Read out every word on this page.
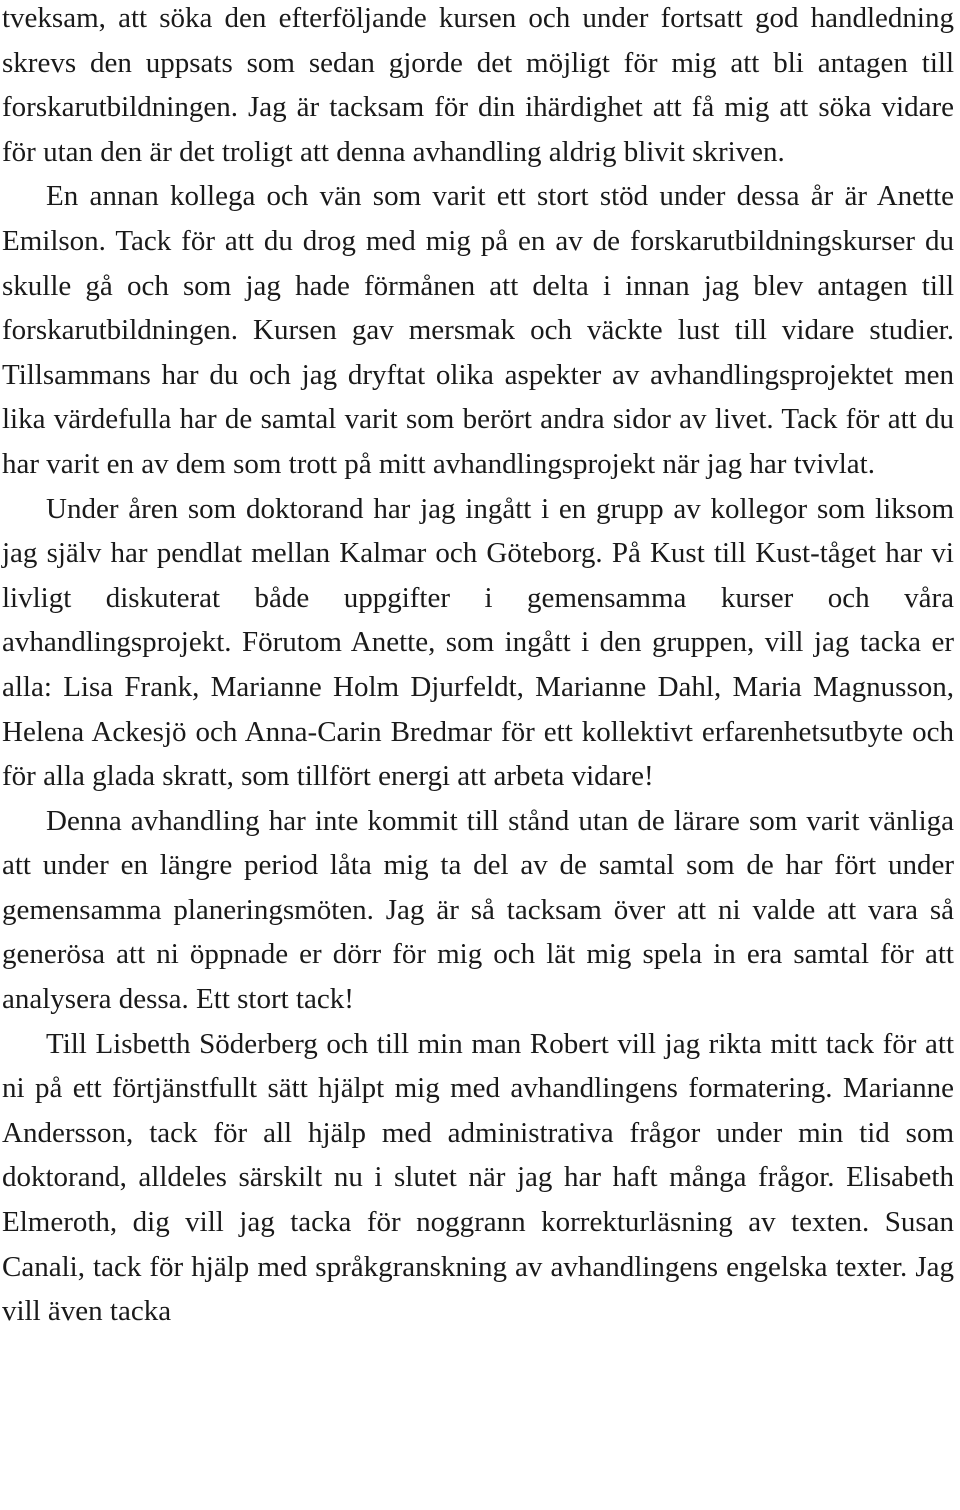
tveksam, att söka den efterföljande kursen och under fortsatt god handledning skrevs den uppsats som sedan gjorde det möjligt för mig att bli antagen till forskarutbildningen. Jag är tacksam för din ihärdighet att få mig att söka vidare för utan den är det troligt att denna avhandling aldrig blivit skriven.

En annan kollega och vän som varit ett stort stöd under dessa år är Anette Emilson. Tack för att du drog med mig på en av de forskarutbildningskurser du skulle gå och som jag hade förmånen att delta i innan jag blev antagen till forskarutbildningen. Kursen gav mersmak och väckte lust till vidare studier. Tillsammans har du och jag dryftat olika aspekter av avhandlingsprojektet men lika värdefulla har de samtal varit som berört andra sidor av livet. Tack för att du har varit en av dem som trott på mitt avhandlingsprojekt när jag har tvivlat.

Under åren som doktorand har jag ingått i en grupp av kollegor som liksom jag själv har pendlat mellan Kalmar och Göteborg. På Kust till Kust-tåget har vi livligt diskuterat både uppgifter i gemensamma kurser och våra avhandlingsprojekt. Förutom Anette, som ingått i den gruppen, vill jag tacka er alla: Lisa Frank, Marianne Holm Djurfeldt, Marianne Dahl, Maria Magnusson, Helena Ackesjö och Anna-Carin Bredmar för ett kollektivt erfarenhetsutbyte och för alla glada skratt, som tillfört energi att arbeta vidare!

Denna avhandling har inte kommit till stånd utan de lärare som varit vänliga att under en längre period låta mig ta del av de samtal som de har fört under gemensamma planeringsmöten. Jag är så tacksam över att ni valde att vara så generösa att ni öppnade er dörr för mig och lät mig spela in era samtal för att analysera dessa. Ett stort tack!

Till Lisbetth Söderberg och till min man Robert vill jag rikta mitt tack för att ni på ett förtjänstfullt sätt hjälpt mig med avhandlingens formatering. Marianne Andersson, tack för all hjälp med administrativa frågor under min tid som doktorand, alldeles särskilt nu i slutet när jag har haft många frågor. Elisabeth Elmeroth, dig vill jag tacka för noggrann korrekturläsning av texten. Susan Canali, tack för hjälp med språkgranskning av avhandlingens engelska texter. Jag vill även tacka
